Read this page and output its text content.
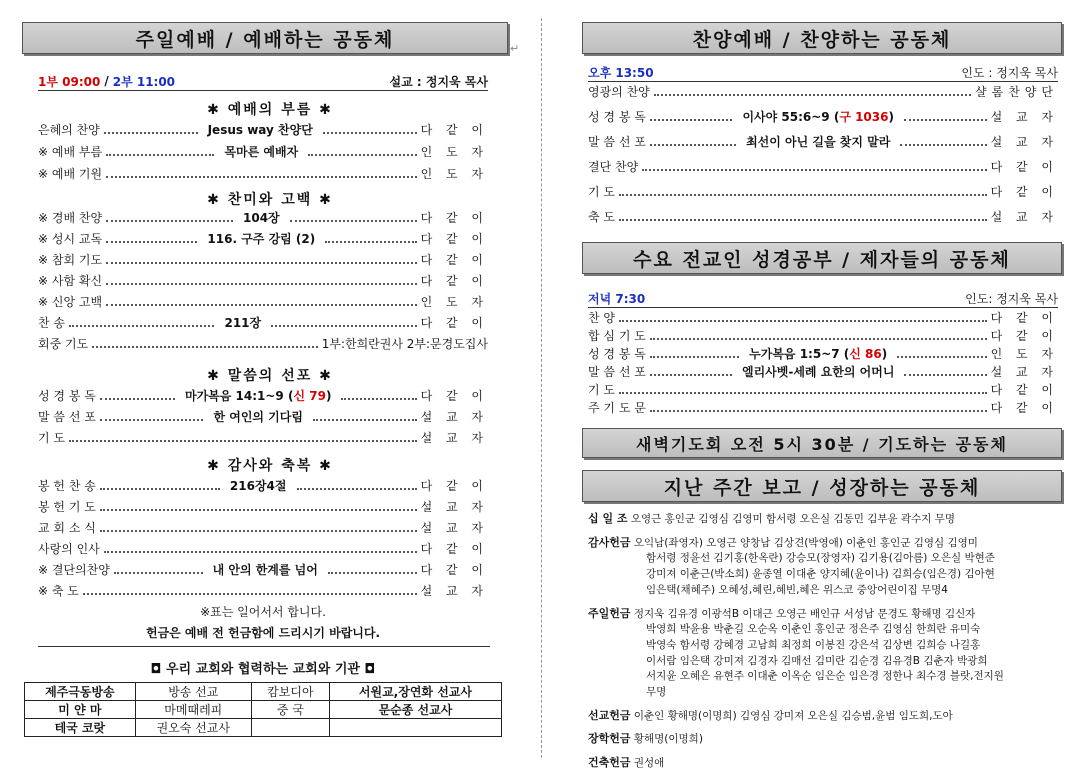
주일예배 / 예배하는 공동체	↵
1부 09:00 / 2부 11:00	설교 : 정지욱 목사
✱ 예배의 부름 ✱
은혜의 찬양	Jesus way 찬양단	다 같 이
※ 예배 부름	목마른 예배자	인 도 자
※ 예배 기원	인 도 자
✱ 찬미와 고백 ✱
※ 경배 찬양	104장	다 같 이
※ 성시 교독	116. 구주 강림 (2)	다 같 이
※ 참회 기도	다 같 이
※ 사함 확신	다 같 이
※ 신앙 고백	인 도 자
찬 송	211장	다 같 이
회중 기도	1부:한희란권사 2부:문경도집사
✱ 말씀의 선포 ✱
성 경 봉 독	마가복음 14:1~9 (신 79)	다 같 이
말 씀 선 포	한 여인의 기다림	설 교 자
기 도	설 교 자
✱ 감사와 축복 ✱
봉 헌 찬 송	216장4절	다 같 이
봉 헌 기 도	설 교 자
교 회 소 식	설 교 자
사랑의 인사	다 같 이
※ 결단의찬양	내 안의 한계를 넘어	다 같 이
※ 축 도	설 교 자
※표는 일어서서 합니다.
헌금은 예배 전 헌금함에 드리시기 바랍니다.
◘ 우리 교회와 협력하는 교회와 기관 ◘
제주극동방송	방송 선교	캄보디아	서원교,장연화 선교사
미 얀 마	마메때레피	중 국	문순종 선교사
테국 코랏	권오숙 선교사		
찬양예배 / 찬양하는 공동체
오후 13:50	인도 : 정지욱 목사
영광의 찬양	샬롬찬양단
성 경 봉 독	이사야 55:6~9 (구 1036)	설 교 자
말 씀 선 포	최선이 아닌 길을 찾지 말라	설 교 자
결단 찬양	다 같 이
기 도	다 같 이
축 도	설 교 자
수요 전교인 성경공부 / 제자들의 공동체
저녁 7:30	인도: 정지욱 목사
찬 양	다 같 이
합 심 기 도	다 같 이
성 경 봉 독	누가복음 1:5~7 (신 86)	인 도 자
말 씀 선 포	엘리사벳-세례 요한의 어머니	설 교 자
기 도	다 같 이
주 기 도 문	다 같 이
새벽기도회 오전 5시 30분 / 기도하는 공동체
지난 주간 보고 / 성장하는 공동체
십 일 조 오영근 홍인군 김영심 김영미 함서령 오은실 김동민 김부윤 곽수지 무명
감사헌금 오익남(좌영자) 오영근 양창남 김상견(박영애) 이춘인 홍인군 김영심 김영미
함서령 정윤선 김기홍(한옥란) 강승모(장영자) 김기용(김아름) 오은실 박현준
강미져 이춘근(박소희) 윤종열 이대춘 양지혜(윤이나) 김희승(임은경) 김아현
임은택(채혜주) 오혜성,혜린,혜빈,혜은 위스코 중앙어린이집 무명4
주일헌금 정지욱 김유경 이광석B 이대근 오영근 배인규 서성남 문경도 황해명 김신자
박영희 박윤용 박춘길 오순옥 이춘인 홍인군 정은주 김영심 한희란 유미숙
박영숙 함서령 강혜경 고남희 최정희 이봉진 강은석 김상변 김희승 나길홍
이서람 임은택 강미져 김경자 김매선 김미란 김순경 김유경B 김춘자 박광희
서지윤 오혜은 유현주 이대춘 이옥순 임은순 임은경 정한나 최수경 블랏,전지원
무명
선교헌금 이춘인 황해명(이명희) 김영심 강미져 오은실 김승범,윤범 임도희,도아
장학헌금 황해명(이명희)
건축헌금 권성애
